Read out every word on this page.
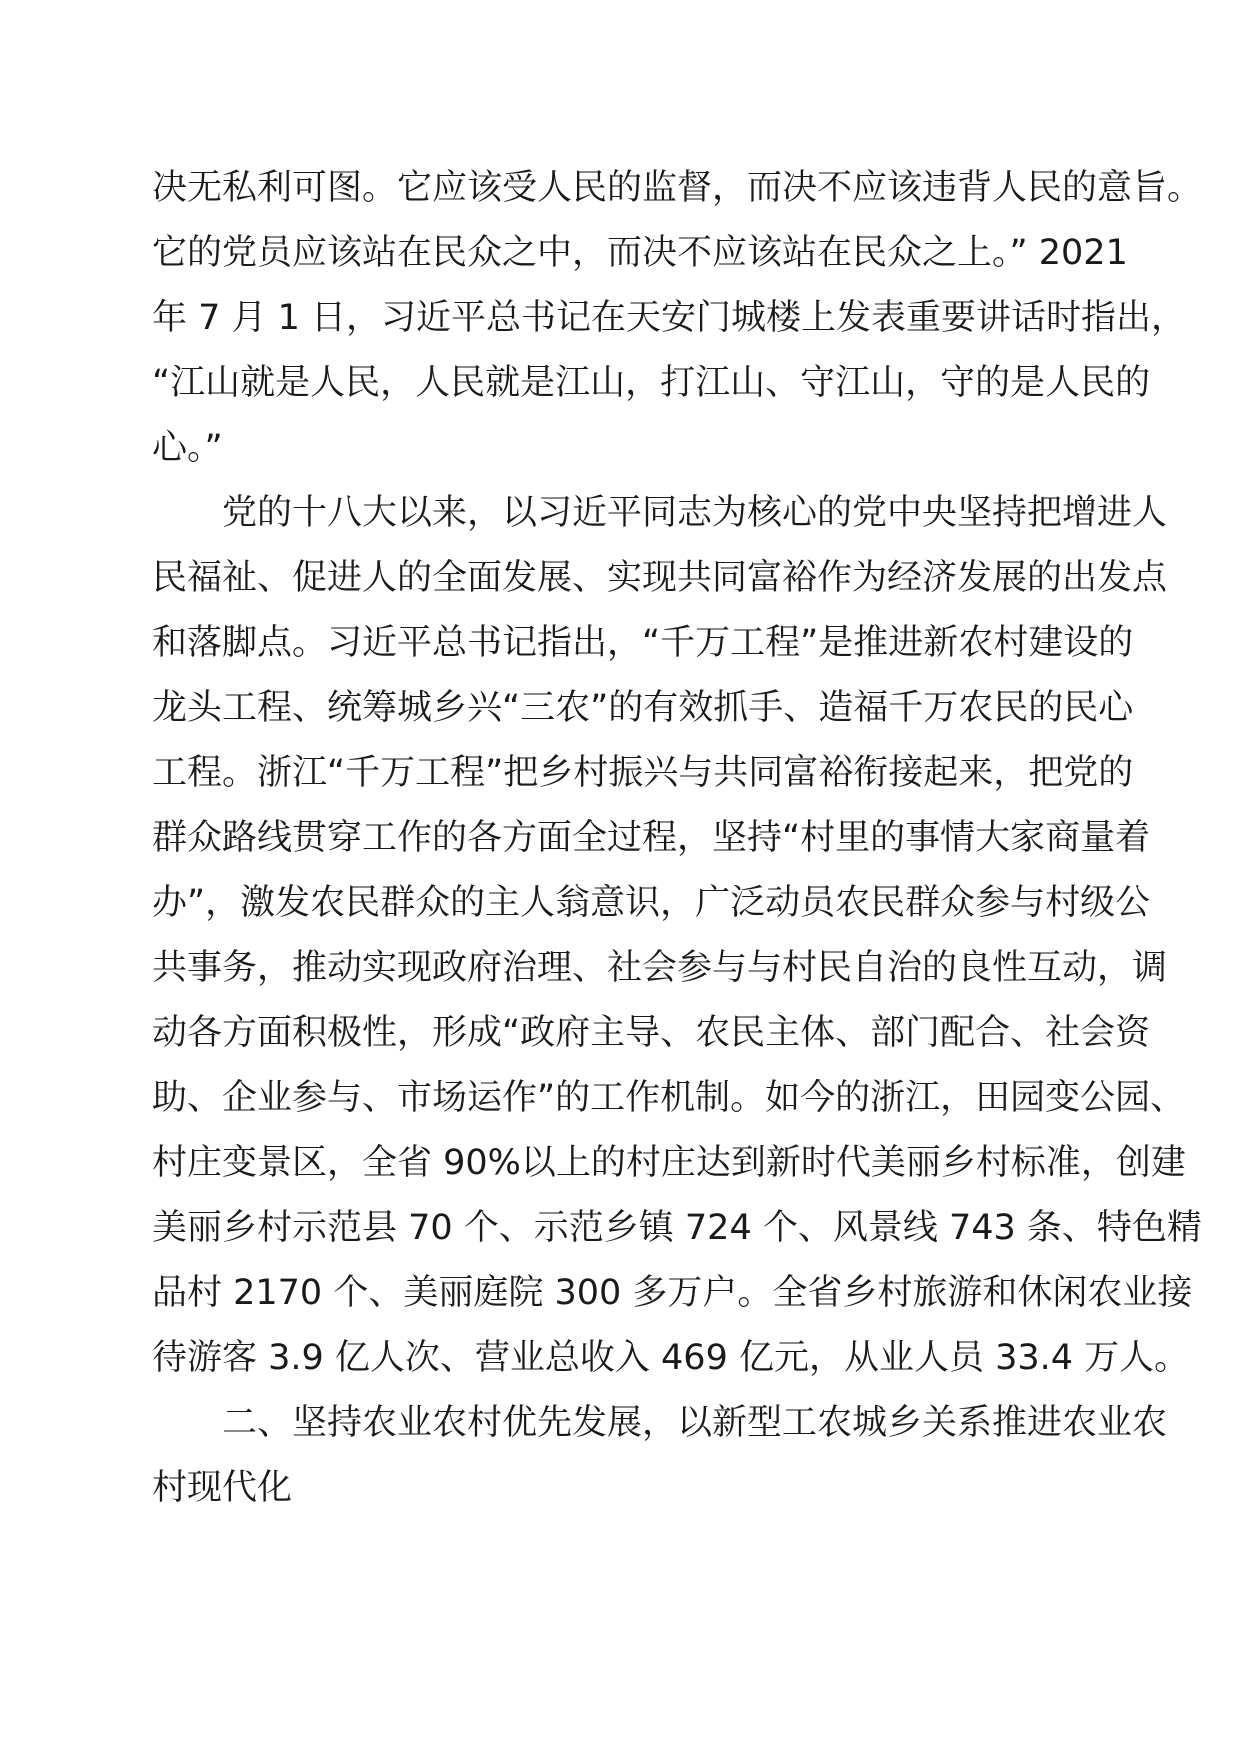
决无私利可图。它应该受人民的监督，而决不应该违背人民的意旨。
它的党员应该站在民众之中，而决不应该站在民众之上。” 2021
年 7 月 1 日，习近平总书记在天安门城楼上发表重要讲话时指出，
“江山就是人民，人民就是江山，打江山、守江山，守的是人民的
心。”
党的十八大以来，以习近平同志为核心的党中央坚持把增进人
民福祉、促进人的全面发展、实现共同富裕作为经济发展的出发点
和落脚点。习近平总书记指出，“千万工程”是推进新农村建设的
龙头工程、统筹城乡兴“三农”的有效抓手、造福千万农民的民心
工程。浙江“千万工程”把乡村振兴与共同富裕衔接起来，把党的
群众路线贯穿工作的各方面全过程，坚持“村里的事情大家商量着
办”，激发农民群众的主人翁意识，广泛动员农民群众参与村级公
共事务，推动实现政府治理、社会参与与村民自治的良性互动，调
动各方面积极性，形成“政府主导、农民主体、部门配合、社会资
助、企业参与、市场运作”的工作机制。如今的浙江，田园变公园、
村庄变景区，全省 90%以上的村庄达到新时代美丽乡村标准，创建
美丽乡村示范县 70 个、示范乡镇 724 个、风景线 743 条、特色精
品村 2170 个、美丽庭院 300 多万户。全省乡村旅游和休闲农业接
待游客 3.9 亿人次、营业总收入 469 亿元，从业人员 33.4 万人。
二、坚持农业农村优先发展，以新型工农城乡关系推进农业农
村现代化
